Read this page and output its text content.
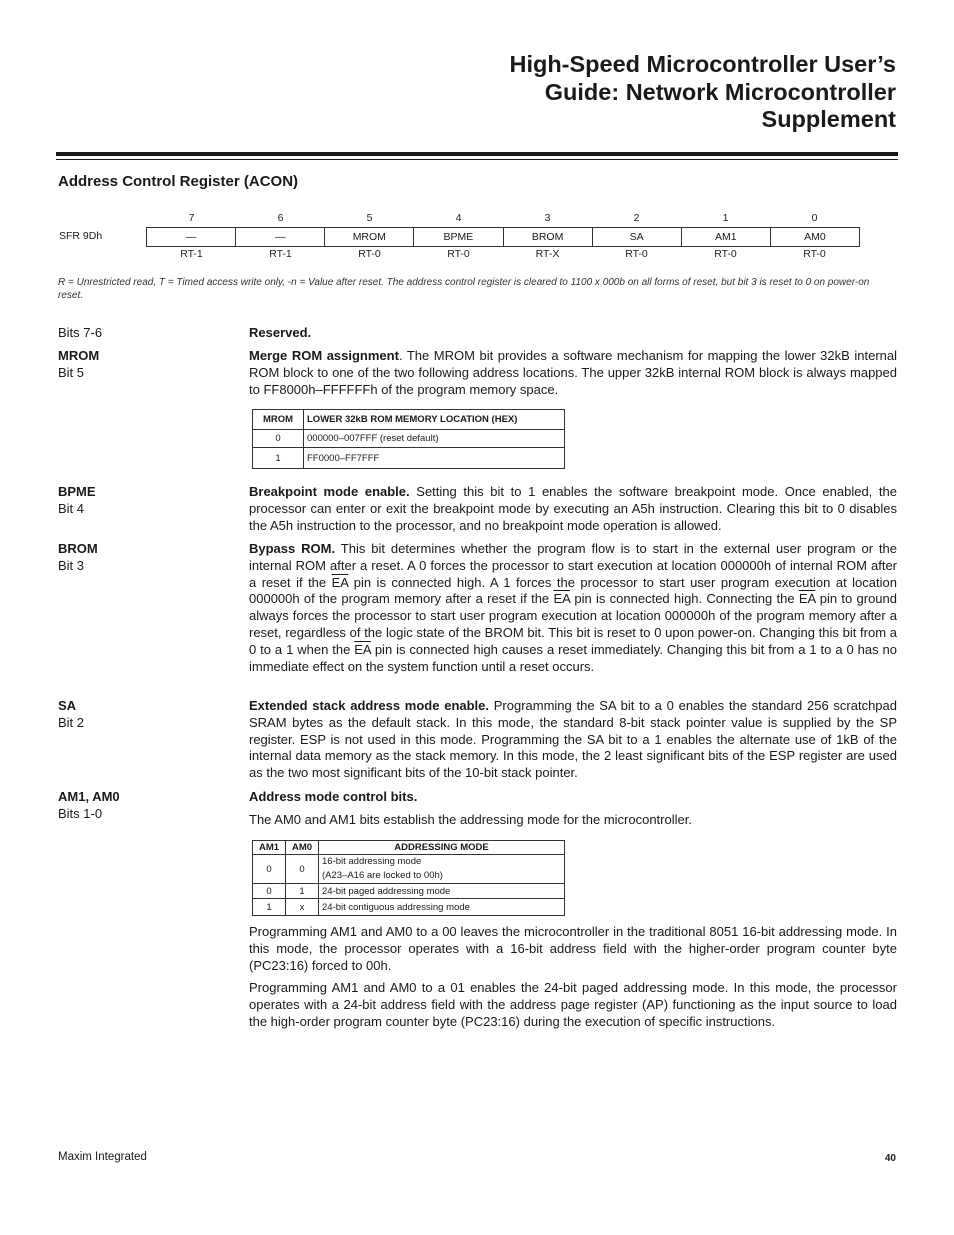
High-Speed Microcontroller User’s
Guide: Network Microcontroller
Supplement
Address Control Register (ACON)
7	6	5	4	3	2	1	0
SFR 9Dh	—	—	MROM	BPME	BROM	SA	AM1	AM0
RT-1	RT-1	RT-0	RT-0	RT-X	RT-0	RT-0	RT-0
R = Unrestricted read, T = Timed access write only, -n = Value after reset. The address control register is cleared to 1100 x 000b on all forms of reset, but bit 3 is reset to 0 on power-on reset.
Bits 7-6	Reserved.

MROM
Bit 5

Merge ROM assignment. The MROM bit provides a software mechanism for mapping the lower 32kB internal ROM block to one of the two following address locations. The upper 32kB internal ROM block is always mapped to FF8000h–FFFFFFh of the program memory space.

MROM	LOWER 32kB ROM MEMORY LOCATION (HEX)
0	000000–007FFF (reset default)
1	FF0000–FF7FFF
BPME
Bit 4

Breakpoint mode enable. Setting this bit to 1 enables the software breakpoint mode. Once enabled, the processor can enter or exit the breakpoint mode by executing an A5h instruction. Clearing this bit to 0 disables the A5h instruction to the processor, and no breakpoint mode operation is allowed.

BROM
Bit 3

Bypass ROM. This bit determines whether the program flow is to start in the external user program or the internal ROM after a reset. A 0 forces the processor to start execution at location 000000h of internal ROM after a reset if the $\overline{EA}$ pin is connected high. A 1 forces the processor to start user program execution at location 000000h of the program memory after a reset if the $\overline{EA}$ pin is connected high. Connecting the $\overline{EA}$ pin to ground always forces the processor to start user program execution at location 000000h of the program memory after a reset, regardless of the logic state of the BROM bit. This bit is reset to 0 upon power-on. Changing this bit from a 0 to a 1 when the $\overline{EA}$ pin is connected high causes a reset immediately. Changing this bit from a 1 to a 0 has no immediate effect on the system function until a reset occurs.

SA
Bit 2

Extended stack address mode enable. Programming the SA bit to a 0 enables the standard 256 scratchpad SRAM bytes as the default stack. In this mode, the standard 8-bit stack pointer value is supplied by the SP register. ESP is not used in this mode. Programming the SA bit to a 1 enables the alternate use of 1kB of the internal data memory as the stack memory. In this mode, the 2 least significant bits of the ESP register are used as the two most significant bits of the 10-bit stack pointer.

AM1, AM0
Bits 1-0

Address mode control bits.

The AM0 and AM1 bits establish the addressing mode for the microcontroller.

AM1	AM0	ADDRESSING MODE
0	0	16-bit addressing mode
(A23–A16 are locked to 00h)

0	1	24-bit paged addressing mode
1	x	24-bit contiguous addressing mode

Programming AM1 and AM0 to a 00 leaves the microcontroller in the traditional 8051 16-bit addressing mode. In this mode, the processor operates with a 16-bit address field with the higher-order program counter byte (PC23:16) forced to 00h.

Programming AM1 and AM0 to a 01 enables the 24-bit paged addressing mode. In this mode, the processor operates with a 24-bit address field with the address page register (AP) functioning as the input source to load the high-order program counter byte (PC23:16) during the execution of specific instructions.

Maxim Integrated	40
